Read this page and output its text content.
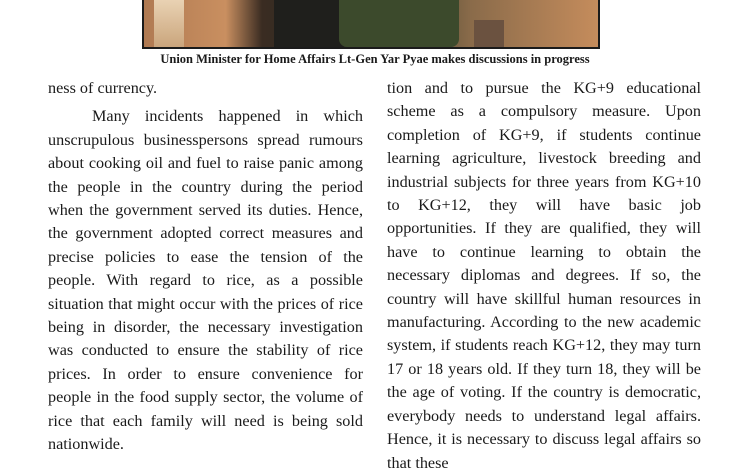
Union Minister for Home Affairs Lt-Gen Yar Pyae makes discussions in progress

ness of currency.

Many incidents happened in which unscrupulous businesspersons spread rumours about cooking oil and fuel to raise panic among the people in the country during the period when the government served its duties. Hence, the government adopted correct measures and precise policies to ease the tension of the people. With regard to rice, as a possible situation that might occur with the prices of rice being in disorder, the necessary investigation was conducted to ensure the stability of rice prices. In order to ensure convenience for people in the food supply sector, the volume of rice that each family will need is being sold nationwide.

tion and to pursue the KG+9 educational scheme as a compulsory measure. Upon completion of KG+9, if students continue learning agriculture, livestock breeding and industrial subjects for three years from KG+10 to KG+12, they will have basic job opportunities. If they are qualified, they will have to continue learning to obtain the necessary diplomas and degrees. If so, the country will have skillful human resources in manufacturing. According to the new academic system, if students reach KG+12, they may turn 17 or 18 years old. If they turn 18, they will be the age of voting. If the country is democratic, everybody needs to understand legal affairs. Hence, it is necessary to discuss legal affairs so that these
